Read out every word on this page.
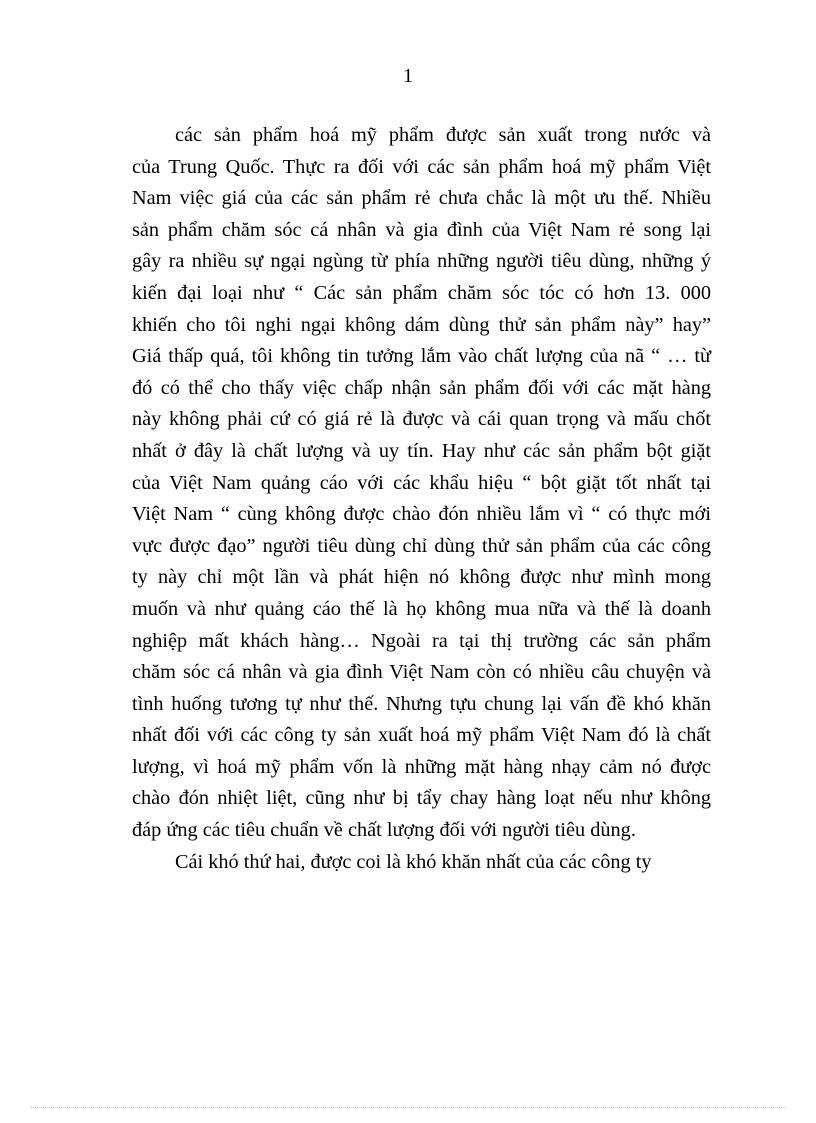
1
các sản phẩm hoá mỹ phẩm được sản xuất trong nước và
của Trung Quốc. Thực ra đối với các sản phẩm hoá mỹ phẩm Việt
Nam việc giá của các sản phẩm rẻ chưa chắc là một ưu thế. Nhiều
sản phẩm chăm sóc cá nhân và gia đình của Việt Nam rẻ song lại
gây ra nhiều sự ngại ngùng từ phía những người tiêu dùng, những ý
kiến đại loại như “ Các sản phẩm chăm sóc tóc có hơn 13. 000
khiến cho tôi nghi ngại không dám dùng thử sản phẩm này” hay”
Giá thấp quá, tôi không tin tưởng lắm vào chất lượng của nã “ … từ
đó có thể cho thấy việc chấp nhận sản phẩm đối với các mặt hàng
này không phải cứ có giá rẻ là được và cái quan trọng và mấu chốt
nhất ở đây là chất lượng và uy tín. Hay như các sản phẩm bột giặt
của Việt Nam quảng cáo với các khẩu hiệu “ bột giặt tốt nhất tại
Việt Nam “ cùng không được chào đón nhiều lắm vì “ có thực mới
vực được đạo” người tiêu dùng chỉ dùng thử sản phẩm của các công
ty này chỉ một lần và phát hiện nó không được như mình mong
muốn và như quảng cáo thế là họ không mua nữa và thế là doanh
nghiệp mất khách hàng… Ngoài ra tại thị trường các sản phẩm
chăm sóc cá nhân và gia đình Việt Nam còn có nhiều câu chuyện và
tình huống tương tự như thế. Nhưng tựu chung lại vấn đề khó khăn
nhất đối với các công ty sản xuất hoá mỹ phẩm Việt Nam đó là chất
lượng, vì hoá mỹ phẩm vốn là những mặt hàng nhạy cảm nó được
chào đón nhiệt liệt, cũng như bị tẩy chay hàng loạt nếu như không
đáp ứng các tiêu chuẩn về chất lượng đối với người tiêu dùng.
Cái khó thứ hai, được coi là khó khăn nhất của các công ty
